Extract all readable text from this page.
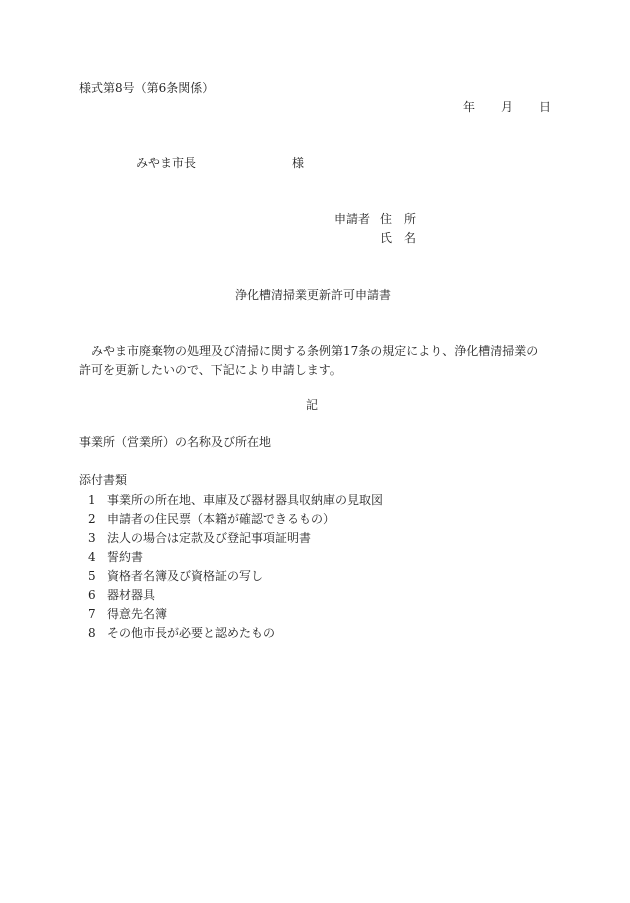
様式第8号（第6条関係）
年 月 日
みやま市長	様
申請者 住 所
氏 名
浄化槽清掃業更新許可申請書
みやま市廃棄物の処理及び清掃に関する条例第17条の規定により、浄化槽清掃業の許可を更新したいので、下記により申請します。
記
事業所（営業所）の名称及び所在地
添付書類
1 事業所の所在地、車庫及び器材器具収納庫の見取図
2 申請者の住民票（本籍が確認できるもの）
3 法人の場合は定款及び登記事項証明書
4 誓約書
5 資格者名簿及び資格証の写し
6 器材器具
7 得意先名簿
8 その他市長が必要と認めたもの
